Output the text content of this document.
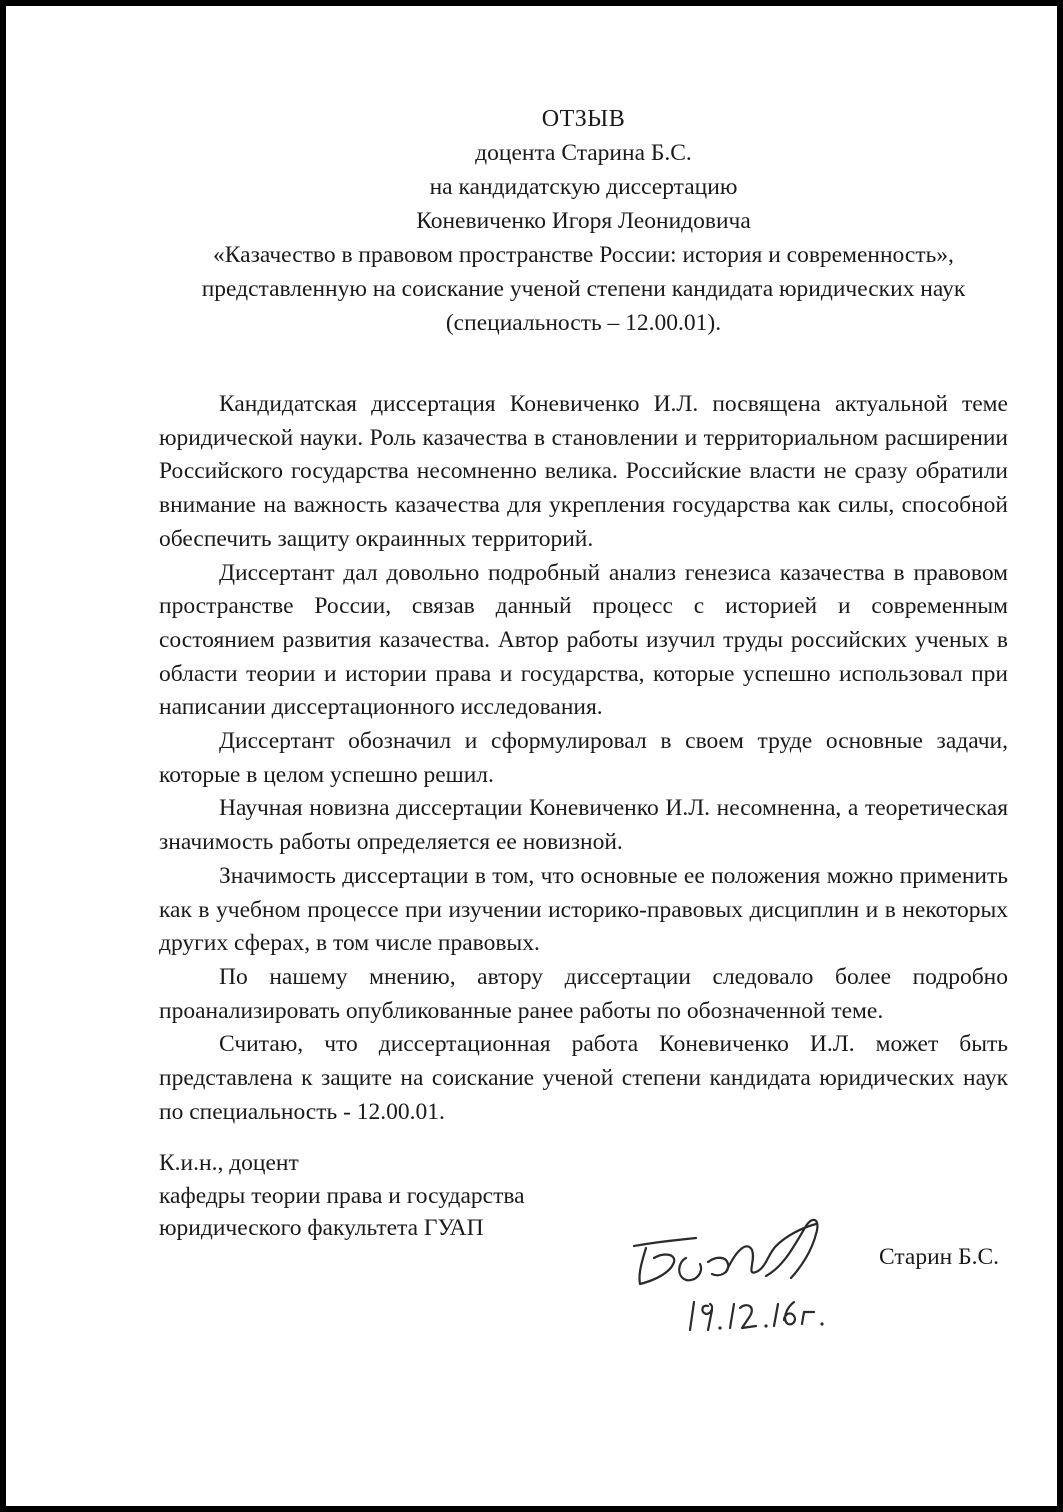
ОТЗЫВ
доцента Старина Б.С.
на кандидатскую диссертацию
Коневиченко Игоря Леонидовича
«Казачество в правовом пространстве России: история и современность»,
представленную на соискание ученой степени кандидата юридических наук
(специальность – 12.00.01).

Кандидатская диссертация Коневиченко И.Л. посвящена актуальной теме юридической науки. Роль казачества в становлении и территориальном расширении Российского государства несомненно велика. Российские власти не сразу обратили внимание на важность казачества для укрепления государства как силы, способной обеспечить защиту окраинных территорий.

Диссертант дал довольно подробный анализ генезиса казачества в правовом пространстве России, связав данный процесс с историей и современным состоянием развития казачества. Автор работы изучил труды российских ученых в области теории и истории права и государства, которые успешно использовал при написании диссертационного исследования.

Диссертант обозначил и сформулировал в своем труде основные задачи, которые в целом успешно решил.

Научная новизна диссертации Коневиченко И.Л. несомненна, а теоретическая значимость работы определяется ее новизной.

Значимость диссертации в том, что основные ее положения можно применить как в учебном процессе при изучении историко-правовых дисциплин и в некоторых других сферах, в том числе правовых.

По нашему мнению, автору диссертации следовало более подробно проанализировать опубликованные ранее работы по обозначенной теме.

Считаю, что диссертационная работа Коневиченко И.Л. может быть представлена к защите на соискание ученой степени кандидата юридических наук по специальность - 12.00.01.

К.и.н., доцент
кафедры теории права и государства
юридического факультета ГУАП
Старин Б.С.
